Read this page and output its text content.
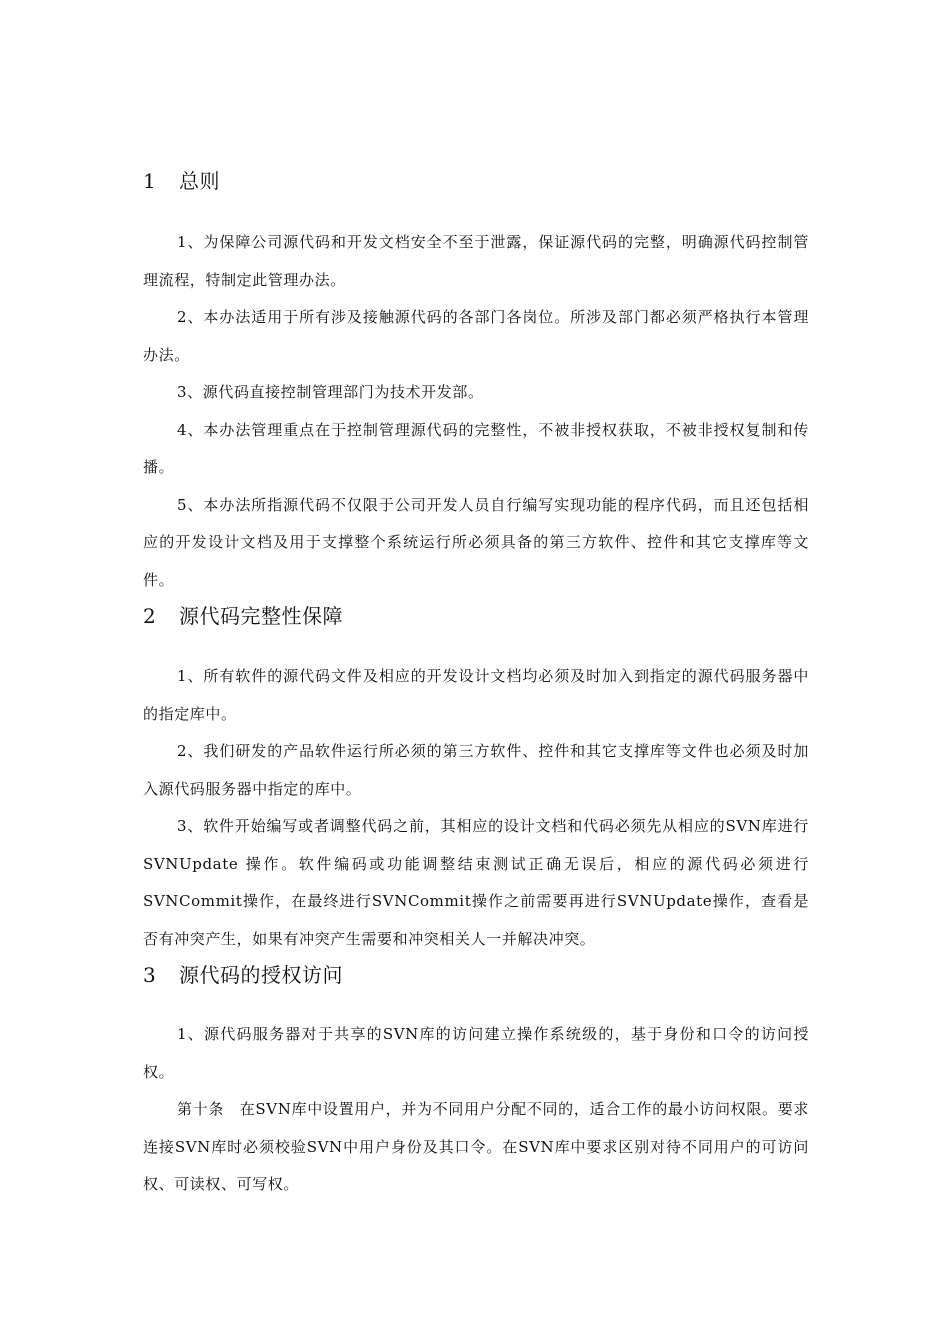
1 总则

1、为保障公司源代码和开发文档安全不至于泄露，保证源代码的完整，明确源代码控制管理流程，特制定此管理办法。

2、本办法适用于所有涉及接触源代码的各部门各岗位。所涉及部门都必须严格执行本管理办法。

3、源代码直接控制管理部门为技术开发部。

4、本办法管理重点在于控制管理源代码的完整性，不被非授权获取，不被非授权复制和传播。

5、本办法所指源代码不仅限于公司开发人员自行编写实现功能的程序代码，而且还包括相应的开发设计文档及用于支撑整个系统运行所必须具备的第三方软件、控件和其它支撑库等文件。

2 源代码完整性保障

1、所有软件的源代码文件及相应的开发设计文档均必须及时加入到指定的源代码服务器中的指定库中。

2、我们研发的产品软件运行所必须的第三方软件、控件和其它支撑库等文件也必须及时加入源代码服务器中指定的库中。

3、软件开始编写或者调整代码之前，其相应的设计文档和代码必须先从相应的SVN库进行 SVNUpdate 操作。软件编码或功能调整结束测试正确无误后，相应的源代码必须进行SVNCommit操作，在最终进行SVNCommit操作之前需要再进行SVNUpdate操作，查看是否有冲突产生，如果有冲突产生需要和冲突相关人一并解决冲突。

3 源代码的授权访问

1、源代码服务器对于共享的SVN库的访问建立操作系统级的，基于身份和口令的访问授权。

第十条　在SVN库中设置用户，并为不同用户分配不同的，适合工作的最小访问权限。要求连接SVN库时必须校验SVN中用户身份及其口令。在SVN库中要求区别对待不同用户的可访问权、可读权、可写权。
